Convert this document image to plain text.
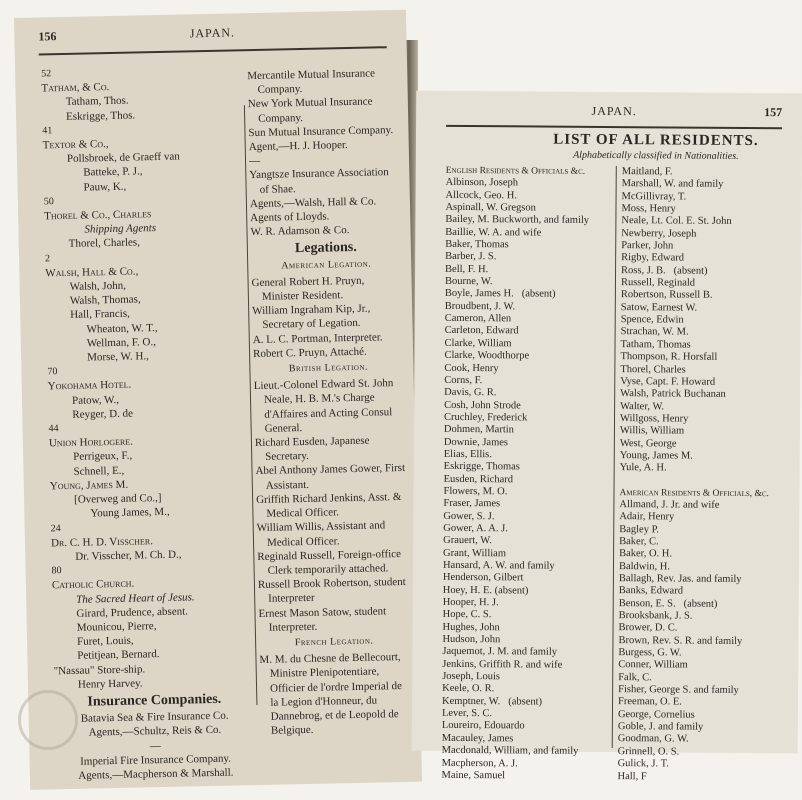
156	JAPAN.
52
Tatham, & Co.
Tatham, Thos.
Eskrigge, Thos.
41
Textor & Co.,
Pollsbroek, de Graeff van
Batteke, P. J.,
Pauw, K.,
50
Thorel & Co., Charles
Shipping Agents
Thorel, Charles,
2
Walsh, Hall & Co.,
Walsh, John,
Walsh, Thomas,
Hall, Francis,
Wheaton, W. T.,
Wellman, F. O.,
Morse, W. H.,
70
Yokohama Hotel.
Patow, W.,
Reyger, D. de
44
Union Horlogere.
Perrigeux, F.,
Schnell, E.,
Young, James M.
[Overweg and Co.,]
Young James, M.,
24
Dr. C. H. D. Visscher.
Dr. Visscher, M. Ch. D.,
80
Catholic Church.
The Sacred Heart of Jesus.
Girard, Prudence, absent.
Mounicou, Pierre,
Furet, Louis,
Petitjean, Bernard.
"Nassau" Store-ship.
Henry Harvey.
Insurance Companies.
Batavia Sea & Fire Insurance Co.
Agents,—Schultz, Reis & Co.
—
Imperial Fire Insurance Company.
Agents,—Macpherson & Marshall.
Mercantile Mutual Insurance Company.
New York Mutual Insurance Company.
Sun Mutual Insurance Company.
Agent,—H. J. Hooper.
—
Yangtsze Insurance Association of Shae.
Agents,—Walsh, Hall & Co.
Agents of Lloyds.
W. R. Adamson & Co.
Legations.
American Legation.
General Robert H. Pruyn, Minister Resident.
William Ingraham Kip, Jr., Secretary of Legation.
A. L. C. Portman, Interpreter.
Robert C. Pruyn, Attaché.
British Legation.
Lieut.-Colonel Edward St. John Neale, H. B. M.'s Charge d'Affaires and Acting Consul General.
Richard Eusden, Japanese Secretary.
Abel Anthony James Gower, First Assistant.
Griffith Richard Jenkins, Asst. & Medical Officer.
William Willis, Assistant and Medical Officer.
Reginald Russell, Foreign-office Clerk temporarily attached.
Russell Brook Robertson, student Interpreter
Ernest Mason Satow, student Interpreter.
French Legation.
M. M. du Chesne de Bellecourt, Ministre Plenipotentiare, Officier de l'ordre Imperial de la Legion d'Honneur, du Dannebrog, et de Leopold de Belgique.
JAPAN.	157
LIST OF ALL RESIDENTS.
Alphabetically classified in Nationalities.
English Residents & Officials &c.
Albinson, Joseph
Allcock, Geo. H.
Aspinall, W. Gregson
Bailey, M. Buckworth, and family
Baillie, W. A. and wife
Baker, Thomas
Barber, J. S.
Bell, F. H.
Bourne, W.
Boyle, James H. (absent)
Broudbent, J. W.
Cameron, Allen
Carleton, Edward
Clarke, William
Clarke, Woodthorpe
Cook, Henry
Corns, F.
Davis, G. R.
Cosh, John Strode
Cruchley, Frederick
Dohmen, Martin
Downie, James
Elias, Ellis.
Eskrigge, Thomas
Eusden, Richard
Flowers, M. O.
Fraser, James
Gower, S. J.
Gower, A. A. J.
Grauert, W.
Grant, William
Hansard, A. W. and family
Henderson, Gilbert
Hoey, H. E. (absent)
Hooper, H. J.
Hope, C. S.
Hughes, John
Hudson, John
Jaquemot, J. M. and family
Jenkins, Griffith R. and wife
Joseph, Louis
Keele, O. R.
Kemptner, W. (absent)
Lever, S. C.
Loureiro, Edouardo
Macauley, James
Macdonald, William, and family
Macpherson, A. J.
Maine, Samuel
Maitland, F.
Marshall, W. and family
McGillivray, T.
Moss, Henry
Neale, Lt. Col. E. St. John
Newberry, Joseph
Parker, John
Rigby, Edward
Ross, J. B. (absent)
Russell, Reginald
Robertson, Russell B.
Satow, Earnest W.
Spence, Edwin
Strachan, W. M.
Tatham, Thomas
Thompson, R. Horsfall
Thorel, Charles
Vyse, Capt. F. Howard
Walsh, Patrick Buchanan
Walter, W.
Willgoss, Henry
Willis, William
West, George
Young, James M.
Yule, A. H.
American Residents & Officials, &c.
Allmand, J. Jr. and wife
Adair, Henry
Bagley P.
Baker, C.
Baker, O. H.
Baldwin, H.
Ballagh, Rev. Jas. and family
Banks, Edward
Benson, E. S. (absent)
Brooksbank, J. S.
Brower, D. C.
Brown, Rev. S. R. and family
Burgess, G. W.
Conner, William
Falk, C.
Fisher, George S. and family
Freeman, O. E.
George, Cornelius
Goble, J. and family
Goodman, G. W.
Grinnell, O. S.
Gulick, J. T.
Hall, F
